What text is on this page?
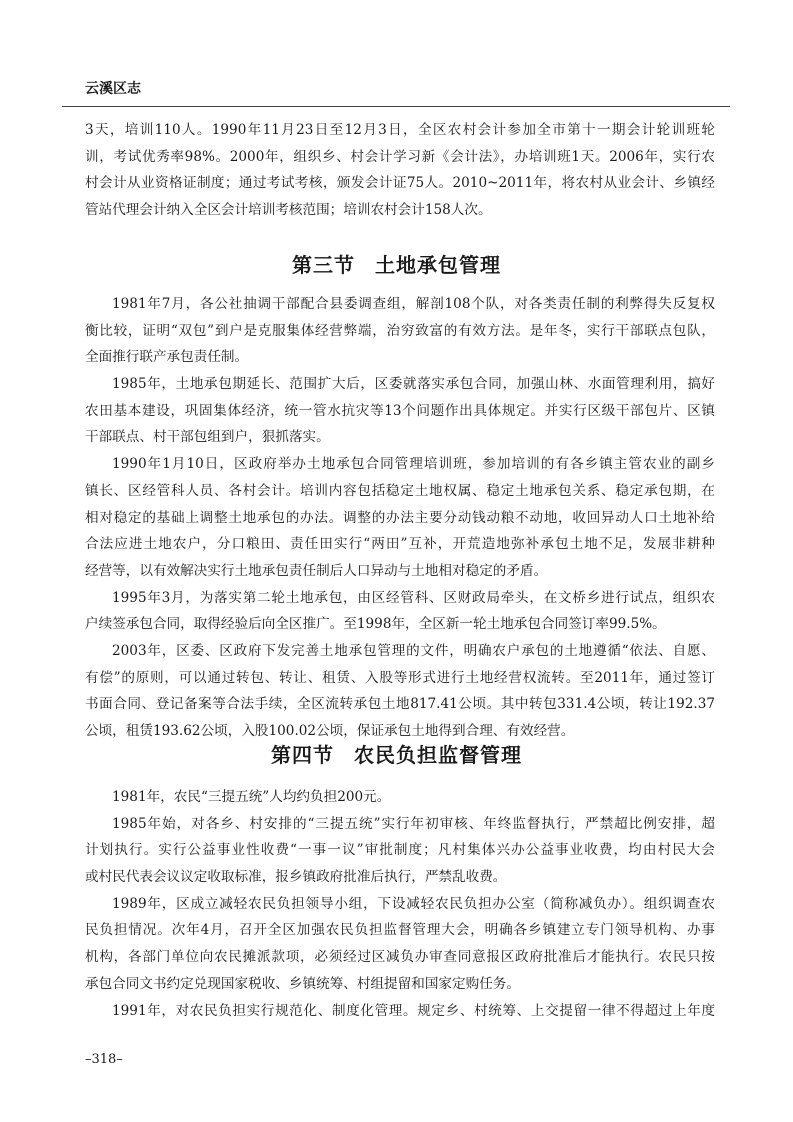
云溪区志
3天，培训110人。1990年11月23日至12月3日，全区农村会计参加全市第十一期会计轮训班轮
训，考试优秀率98%。2000年，组织乡、村会计学习新《会计法》，办培训班1天。2006年，实行农
村会计从业资格证制度；通过考试考核，颁发会计证75人。2010~2011年，将农村从业会计、乡镇经
管站代理会计纳入全区会计培训考核范围；培训农村会计158人次。
第三节 土地承包管理
1981年7月，各公社抽调干部配合县委调查组，解剖108个队，对各类责任制的利弊得失反复权
衡比较，证明“双包”到户是克服集体经营弊端，治穷致富的有效方法。是年冬，实行干部联点包队，
全面推行联产承包责任制。
1985年，土地承包期延长、范围扩大后，区委就落实承包合同，加强山林、水面管理利用，搞好
农田基本建设，巩固集体经济，统一管水抗灾等13个问题作出具体规定。并实行区级干部包片、区镇
干部联点、村干部包组到户，狠抓落实。
1990年1月10日，区政府举办土地承包合同管理培训班，参加培训的有各乡镇主管农业的副乡
镇长、区经管科人员、各村会计。培训内容包括稳定土地权属、稳定土地承包关系、稳定承包期，在
相对稳定的基础上调整土地承包的办法。调整的办法主要分动钱动粮不动地，收回异动人口土地补给
合法应进土地农户，分口粮田、责任田实行“两田”互补，开荒造地弥补承包土地不足，发展非耕种
经营等，以有效解决实行土地承包责任制后人口异动与土地相对稳定的矛盾。
1995年3月，为落实第二轮土地承包，由区经管科、区财政局牵头，在文桥乡进行试点，组织农
户续签承包合同，取得经验后向全区推广。至1998年，全区新一轮土地承包合同签订率99.5%。
2003年，区委、区政府下发完善土地承包管理的文件，明确农户承包的土地遵循“依法、自愿、
有偿”的原则，可以通过转包、转让、租赁、入股等形式进行土地经营权流转。至2011年，通过签订
书面合同、登记备案等合法手续，全区流转承包土地817.41公顷。其中转包331.4公顷，转让192.37
公顷，租赁193.62公顷，入股100.02公顷，保证承包土地得到合理、有效经营。
第四节 农民负担监督管理
1981年，农民“三提五统”人均约负担200元。
1985年始，对各乡、村安排的“三提五统”实行年初审核、年终监督执行，严禁超比例安排，超
计划执行。实行公益事业性收费“一事一议”审批制度；凡村集体兴办公益事业收费，均由村民大会
或村民代表会议议定收取标准，报乡镇政府批准后执行，严禁乱收费。
1989年，区成立减轻农民负担领导小组，下设减轻农民负担办公室（简称减负办）。组织调查农
民负担情况。次年4月，召开全区加强农民负担监督管理大会，明确各乡镇建立专门领导机构、办事
机构，各部门单位向农民摊派款项，必须经过区减负办审查同意报区政府批准后才能执行。农民只按
承包合同文书约定兑现国家税收、乡镇统筹、村组提留和国家定购任务。
1991年，对农民负担实行规范化、制度化管理。规定乡、村统筹、上交提留一律不得超过上年度
–318–
